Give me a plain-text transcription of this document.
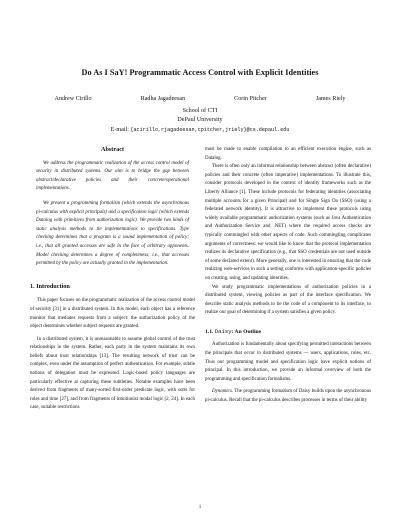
Do As I SaY! Programmatic Access Control with Explicit Identities
Andrew Cirillo	Radha Jagadeesan	Corin Pitcher	James Riely
School of CTI
DePaul University
E-mail: {acirillo,rjagadeesan,cpitcher,jriely}@cs.depaul.edu
Abstract

We address the programmatic realization of the access control model of security in distributed systems. Our aim is to bridge the gap between abstract/declarative policies and their concrete/operational implementations.

We present a programming formalism (which extends the asynchronous pi-calculus with explicit principals) and a specification logic (which extends Datalog with primitives from authorization logic). We provide two kinds of static analysis methods to tie implementations to specifications. Type checking determines that a program is a sound implementation of policy; i.e., that all granted accesses are safe in the face of arbitrary opponents. Model checking determines a degree of completeness; i.e., that accesses permitted by the policy are actually granted in the implementation.

1. Introduction

This paper focuses on the programmatic realization of the access control model of security [31] in a distributed system. In this model, each object has a reference monitor that mediates requests from a subject: the authorization policy of the object determines whether subject requests are granted.

In a distributed system, it is unreasonable to assume global control of the trust relationships in the system. Rather, each party in the system maintains its own beliefs about trust relationships [13]. The resulting network of trust can be complex, even under the assumption of perfect authentication. For example, subtle notions of delegation must be expressed. Logic-based policy languages are particularly effective at capturing these subtleties. Notable examples have been derived from fragments of many-sorted first-order predicate logic, with sorts for roles and time [27], and from fragments of intuitionist modal logic [2, 24]. In each case, suitable restrictions

must be made to enable compilation to an efficient execution engine, such as Datalog.

There is often only an informal relationship between abstract (often declarative) policies and their concrete (often imperative) implementations. To illustrate this, consider protocols developed in the context of identity frameworks such as the Liberty Alliance [1]. These include protocols for federating identities (associating multiple accounts for a given Principal) and for Single Sign On (SSO) (using a federated network identity). It is attractive to implement these protocols using widely available programmatic authorization systems (such as Java Authentication and Authorization Service and .NET) where the required access checks are typically commingled with other aspects of code. Such commingling complicates arguments of correctness: we would like to know that the protocol implementation realizes its declarative specification (e.g., that SSO credentials are not used outside of some declared extent). More generally, one is interested in ensuring that the code realizing web-services in such a setting conforms with application-specific policies on creating, using, and updating identities.

We study programmatic implementations of authorization policies in a distributed system, viewing policies as part of the interface specification. We describe static analysis methods to tie the code of a component to its interface, to realize our goal of determining if a system satisfies a given policy.

1.1. Daisy: An Outline

Authorization is fundamentally about specifying permitted interactions between the principals that occur in distributed systems — users, applications, roles, etc. Thus our programming model and specification logic have explicit notions of principal. In this introduction, we provide an informal overview of both the programming and specification formalisms.

Dynamics. The programming formalism of Daisy builds upon the asynchronous pi-calculus. Recall that the pi-calculus describes processes in terms of their ability

1
